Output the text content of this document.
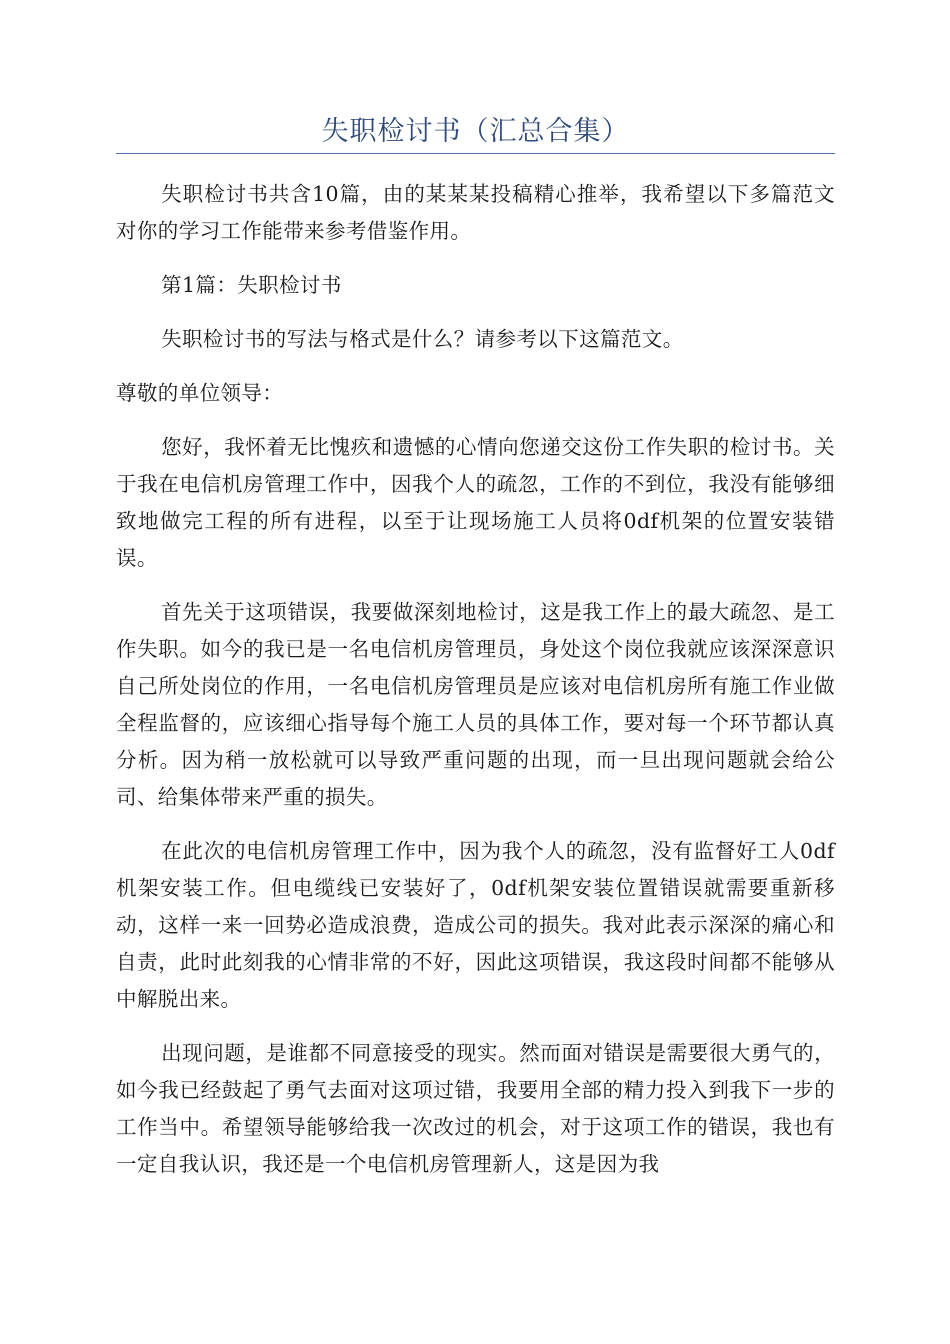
失职检讨书（汇总合集）

失职检讨书共含10篇，由的某某某投稿精心推举，我希望以下多篇范文对你的学习工作能带来参考借鉴作用。

第1篇：失职检讨书

失职检讨书的写法与格式是什么？请参考以下这篇范文。

尊敬的单位领导：

您好，我怀着无比愧疚和遗憾的心情向您递交这份工作失职的检讨书。关于我在电信机房管理工作中，因我个人的疏忽，工作的不到位，我没有能够细致地做完工程的所有进程，以至于让现场施工人员将0df机架的位置安装错误。

首先关于这项错误，我要做深刻地检讨，这是我工作上的最大疏忽、是工作失职。如今的我已是一名电信机房管理员，身处这个岗位我就应该深深意识自己所处岗位的作用，一名电信机房管理员是应该对电信机房所有施工作业做全程监督的，应该细心指导每个施工人员的具体工作，要对每一个环节都认真分析。因为稍一放松就可以导致严重问题的出现，而一旦出现问题就会给公司、给集体带来严重的损失。

在此次的电信机房管理工作中，因为我个人的疏忽，没有监督好工人0df机架安装工作。但电缆线已安装好了，0df机架安装位置错误就需要重新移动，这样一来一回势必造成浪费，造成公司的损失。我对此表示深深的痛心和自责，此时此刻我的心情非常的不好，因此这项错误，我这段时间都不能够从中解脱出来。

出现问题，是谁都不同意接受的现实。然而面对错误是需要很大勇气的，如今我已经鼓起了勇气去面对这项过错，我要用全部的精力投入到我下一步的工作当中。希望领导能够给我一次改过的机会，对于这项工作的错误，我也有一定自我认识，我还是一个电信机房管理新人，这是因为我
